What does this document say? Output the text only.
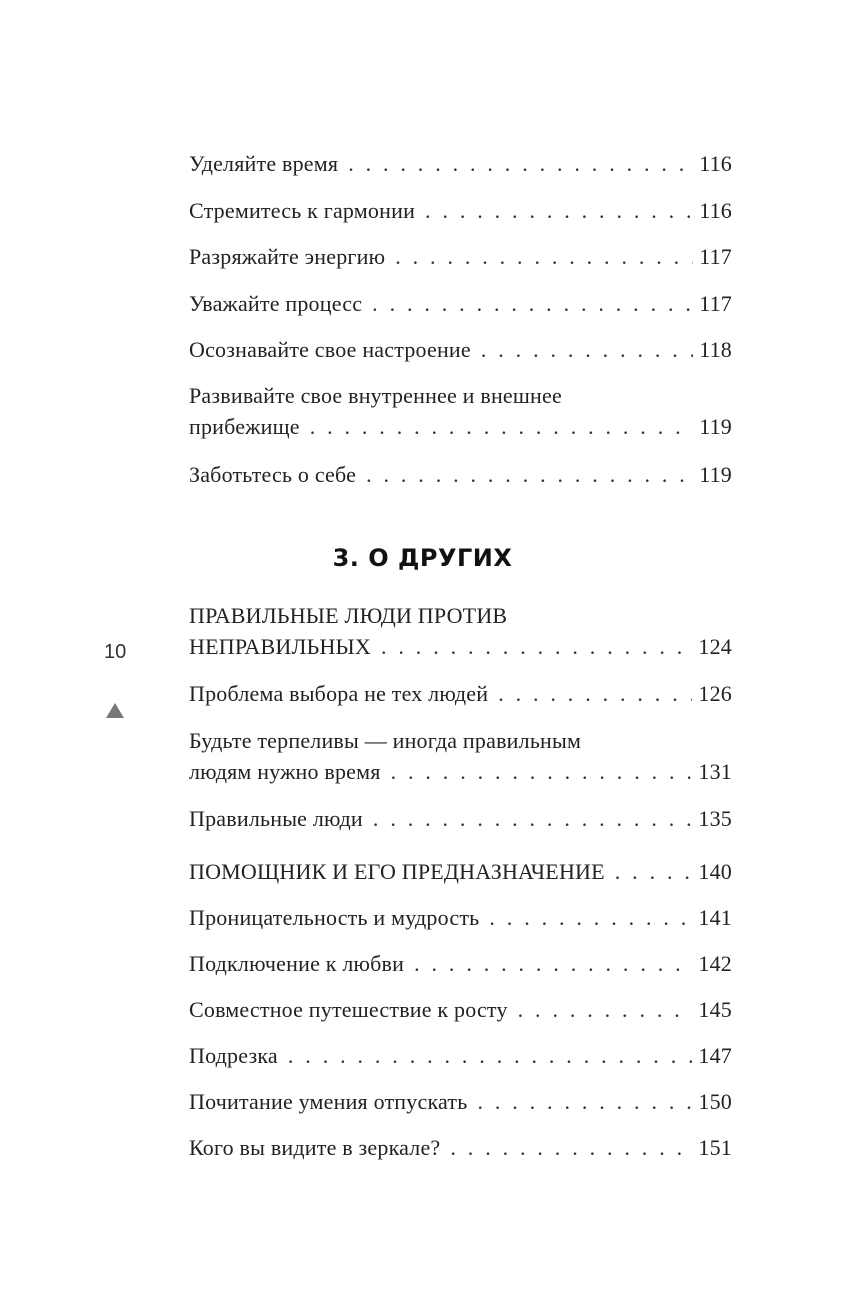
Уделяйте время . . .	116
Стремитесь к гармонии . . .	116
Разряжайте энергию . . .	117
Уважайте процесс . . .	117
Осознавайте свое настроение . . .	118
Развивайте свое внутреннее и внешнее
прибежище . . .	119
Заботьтесь о себе . . .	119
ПРАВИЛЬНЫЕ ЛЮДИ ПРОТИВ
НЕПРАВИЛЬНЫХ . . .	124
Проблема выбора не тех людей . . .	126
Будьте терпеливы — иногда правильным
людям нужно время . . .	131
Правильные люди . . .	135
ПОМОЩНИК И ЕГО ПРЕДНАЗНАЧЕНИЕ . . .	140
Проницательность и мудрость . . .	141
Подключение к любви . . .	142
Совместное путешествие к росту . . .	145
Подрезка . . .	147
Почитание умения отпускать . . .	150
Кого вы видите в зеркале? . . .	151
3. О ДРУГИХ
10
